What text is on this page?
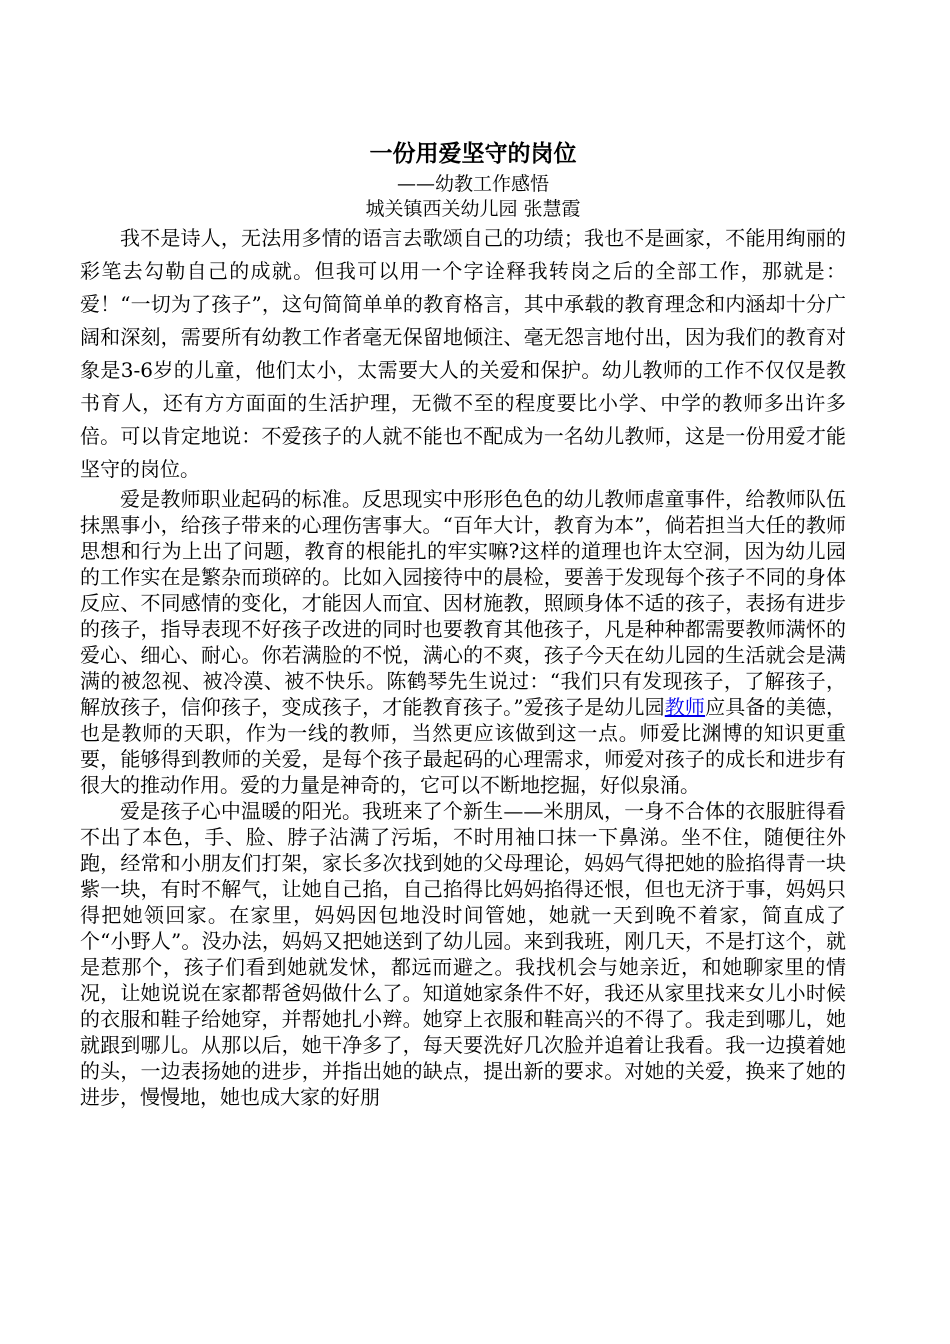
一份用爱坚守的岗位
——幼教工作感悟
城关镇西关幼儿园 张慧霞

我不是诗人，无法用多情的语言去歌颂自己的功绩；我也不是画家，不能用绚丽的彩笔去勾勒自己的成就。但我可以用一个字诠释我转岗之后的全部工作，那就是：爱！“一切为了孩子”，这句简简单单的教育格言，其中承载的教育理念和内涵却十分广阔和深刻，需要所有幼教工作者毫无保留地倾注、毫无怨言地付出，因为我们的教育对象是3-6岁的儿童，他们太小，太需要大人的关爱和保护。幼儿教师的工作不仅仅是教书育人，还有方方面面的生活护理，无微不至的程度要比小学、中学的教师多出许多倍。可以肯定地说：不爱孩子的人就不能也不配成为一名幼儿教师，这是一份用爱才能坚守的岗位。

爱是教师职业起码的标准。反思现实中形形色色的幼儿教师虐童事件，给教师队伍抹黑事小，给孩子带来的心理伤害事大。“百年大计，教育为本”，倘若担当大任的教师思想和行为上出了问题，教育的根能扎的牢实嘛?这样的道理也许太空洞，因为幼儿园的工作实在是繁杂而琐碎的。比如入园接待中的晨检，要善于发现每个孩子不同的身体反应、不同感情的变化，才能因人而宜、因材施教，照顾身体不适的孩子，表扬有进步的孩子，指导表现不好孩子改进的同时也要教育其他孩子，凡是种种都需要教师满怀的爱心、细心、耐心。你若满脸的不悦，满心的不爽，孩子今天在幼儿园的生活就会是满满的被忽视、被冷漠、被不快乐。陈鹤琴先生说过：“我们只有发现孩子，了解孩子，解放孩子，信仰孩子，变成孩子，才能教育孩子。”爱孩子是幼儿园教师应具备的美德，也是教师的天职，作为一线的教师，当然更应该做到这一点。师爱比渊博的知识更重要，能够得到教师的关爱，是每个孩子最起码的心理需求，师爱对孩子的成长和进步有很大的推动作用。爱的力量是神奇的，它可以不断地挖掘，好似泉涌。

爱是孩子心中温暖的阳光。我班来了个新生——米朋凤，一身不合体的衣服脏得看不出了本色，手、脸、脖子沾满了污垢，不时用袖口抹一下鼻涕。坐不住，随便往外跑，经常和小朋友们打架，家长多次找到她的父母理论，妈妈气得把她的脸掐得青一块紫一块，有时不解气，让她自己掐，自己掐得比妈妈掐得还恨，但也无济于事，妈妈只得把她领回家。在家里，妈妈因包地没时间管她，她就一天到晚不着家，简直成了个“小野人”。没办法，妈妈又把她送到了幼儿园。来到我班，刚几天，不是打这个，就是惹那个，孩子们看到她就发怵，都远而避之。我找机会与她亲近，和她聊家里的情况，让她说说在家都帮爸妈做什么了。知道她家条件不好，我还从家里找来女儿小时候的衣服和鞋子给她穿，并帮她扎小辫。她穿上衣服和鞋高兴的不得了。我走到哪儿，她就跟到哪儿。从那以后，她干净多了，每天要洗好几次脸并追着让我看。我一边摸着她的头，一边表扬她的进步，并指出她的缺点，提出新的要求。对她的关爱，换来了她的进步，慢慢地，她也成大家的好朋
